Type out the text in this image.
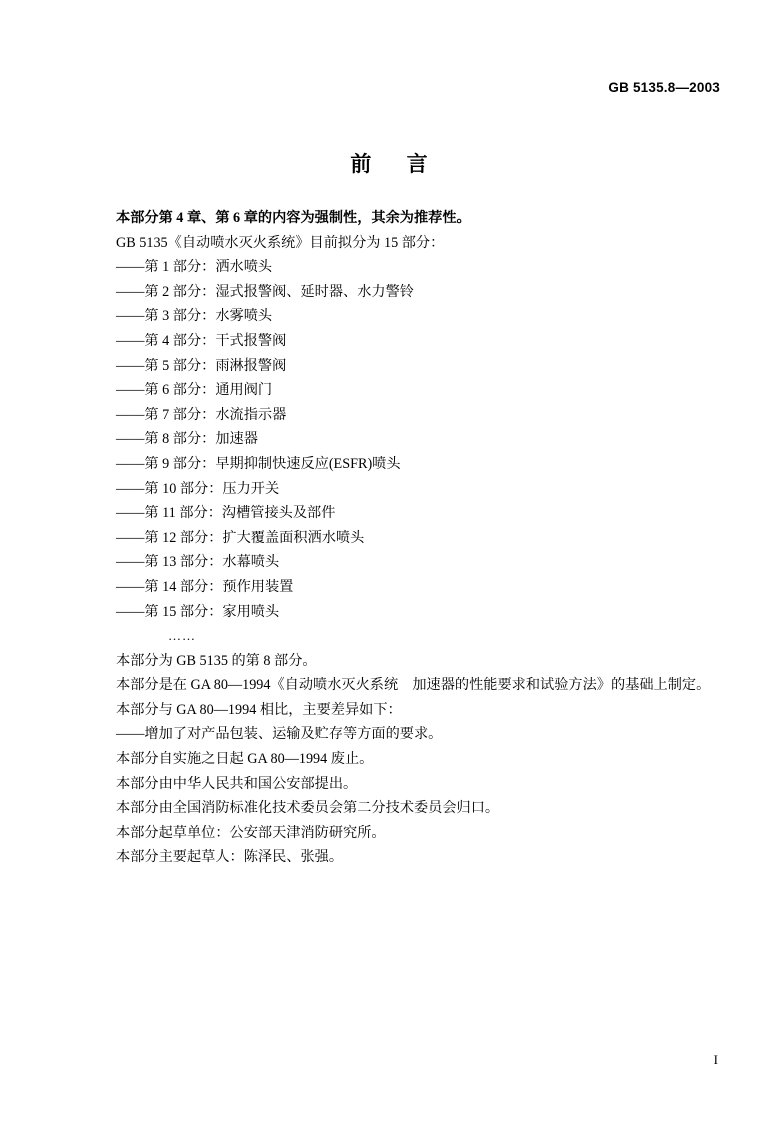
GB 5135.8—2003
前 言
本部分第 4 章、第 6 章的内容为强制性，其余为推荐性。
GB 5135《自动喷水灭火系统》目前拟分为 15 部分：
——第 1 部分：洒水喷头
——第 2 部分：湿式报警阀、延时器、水力警铃
——第 3 部分：水雾喷头
——第 4 部分：干式报警阀
——第 5 部分：雨淋报警阀
——第 6 部分：通用阀门
——第 7 部分：水流指示器
——第 8 部分：加速器
——第 9 部分：早期抑制快速反应(ESFR)喷头
——第 10 部分：压力开关
——第 11 部分：沟槽管接头及部件
——第 12 部分：扩大覆盖面积洒水喷头
——第 13 部分：水幕喷头
——第 14 部分：预作用装置
——第 15 部分：家用喷头
……
本部分为 GB 5135 的第 8 部分。
本部分是在 GA 80—1994《自动喷水灭火系统　加速器的性能要求和试验方法》的基础上制定。
本部分与 GA 80—1994 相比，主要差异如下：
——增加了对产品包装、运输及贮存等方面的要求。
本部分自实施之日起 GA 80—1994 废止。
本部分由中华人民共和国公安部提出。
本部分由全国消防标准化技术委员会第二分技术委员会归口。
本部分起草单位：公安部天津消防研究所。
本部分主要起草人：陈泽民、张强。
I
